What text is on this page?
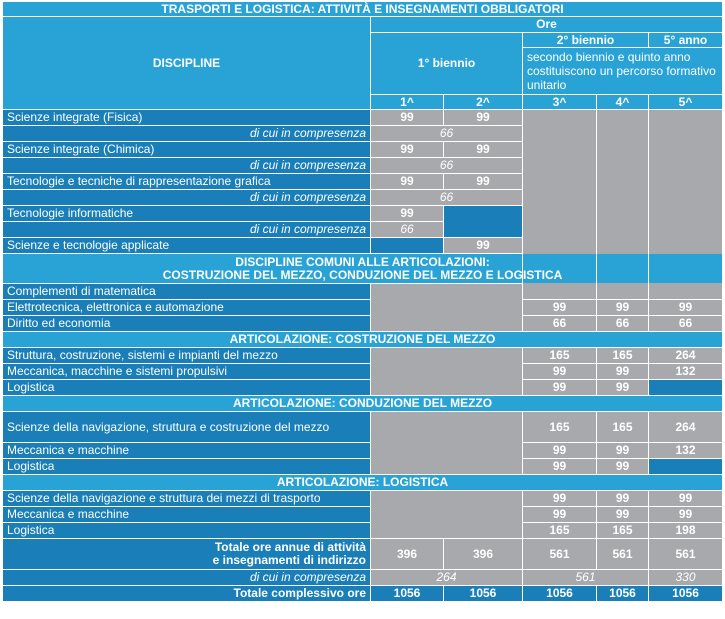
TRASPORTI E LOGISTICA: ATTIVITÀ E INSEGNAMENTI OBBLIGATORI						
DISCIPLINE	Ore					
	1° biennio		2° biennio		5° anno	
			secondo biennio e quinto anno costituiscono un percorso formativo unitario			
	1^	2^	3^	4^	5^	
Scienze integrate (Fisica)	99	99				
di cui in compresenza	66					
Scienze integrate (Chimica)	99	99				
di cui in compresenza	66					
Tecnologie e tecniche di rappresentazione grafica	99	99				
di cui in compresenza	66					
Tecnologie informatiche	99					
di cui in compresenza	66					
Scienze e tecnologie applicate		99				
DISCIPLINE COMUNI ALLE ARTICOLAZIONI:
COSTRUZIONE DEL MEZZO, CONDUZIONE DEL MEZZO E LOGISTICA						
Complementi di matematica				
Elettrotecnica, elettronica e automazione			99	99	99	
Diritto ed economia			66	66	66	
ARTICOLAZIONE: COSTRUZIONE DEL MEZZO						
Struttura, costruzione, sistemi e impianti del mezzo			165	165	264	
Meccanica, macchine e sistemi propulsivi			99	99	132	
Logistica			99	99		
ARTICOLAZIONE: CONDUZIONE DEL MEZZO						
Scienze della navigazione, struttura e costruzione del mezzo			165	165	264	
Meccanica e macchine			99	99	132	
Logistica			99	99		
ARTICOLAZIONE: LOGISTICA						
Scienze della navigazione e struttura dei mezzi di trasporto			99	99	99	
Meccanica e macchine			99	99	99	
Logistica			165	165	198	
Totale ore annue di attività
e insegnamenti di indirizzo	396	396	561	561	561	
di cui in compresenza	264		561		330	
Totale complessivo ore	1056	1056	1056	1056	1056	
